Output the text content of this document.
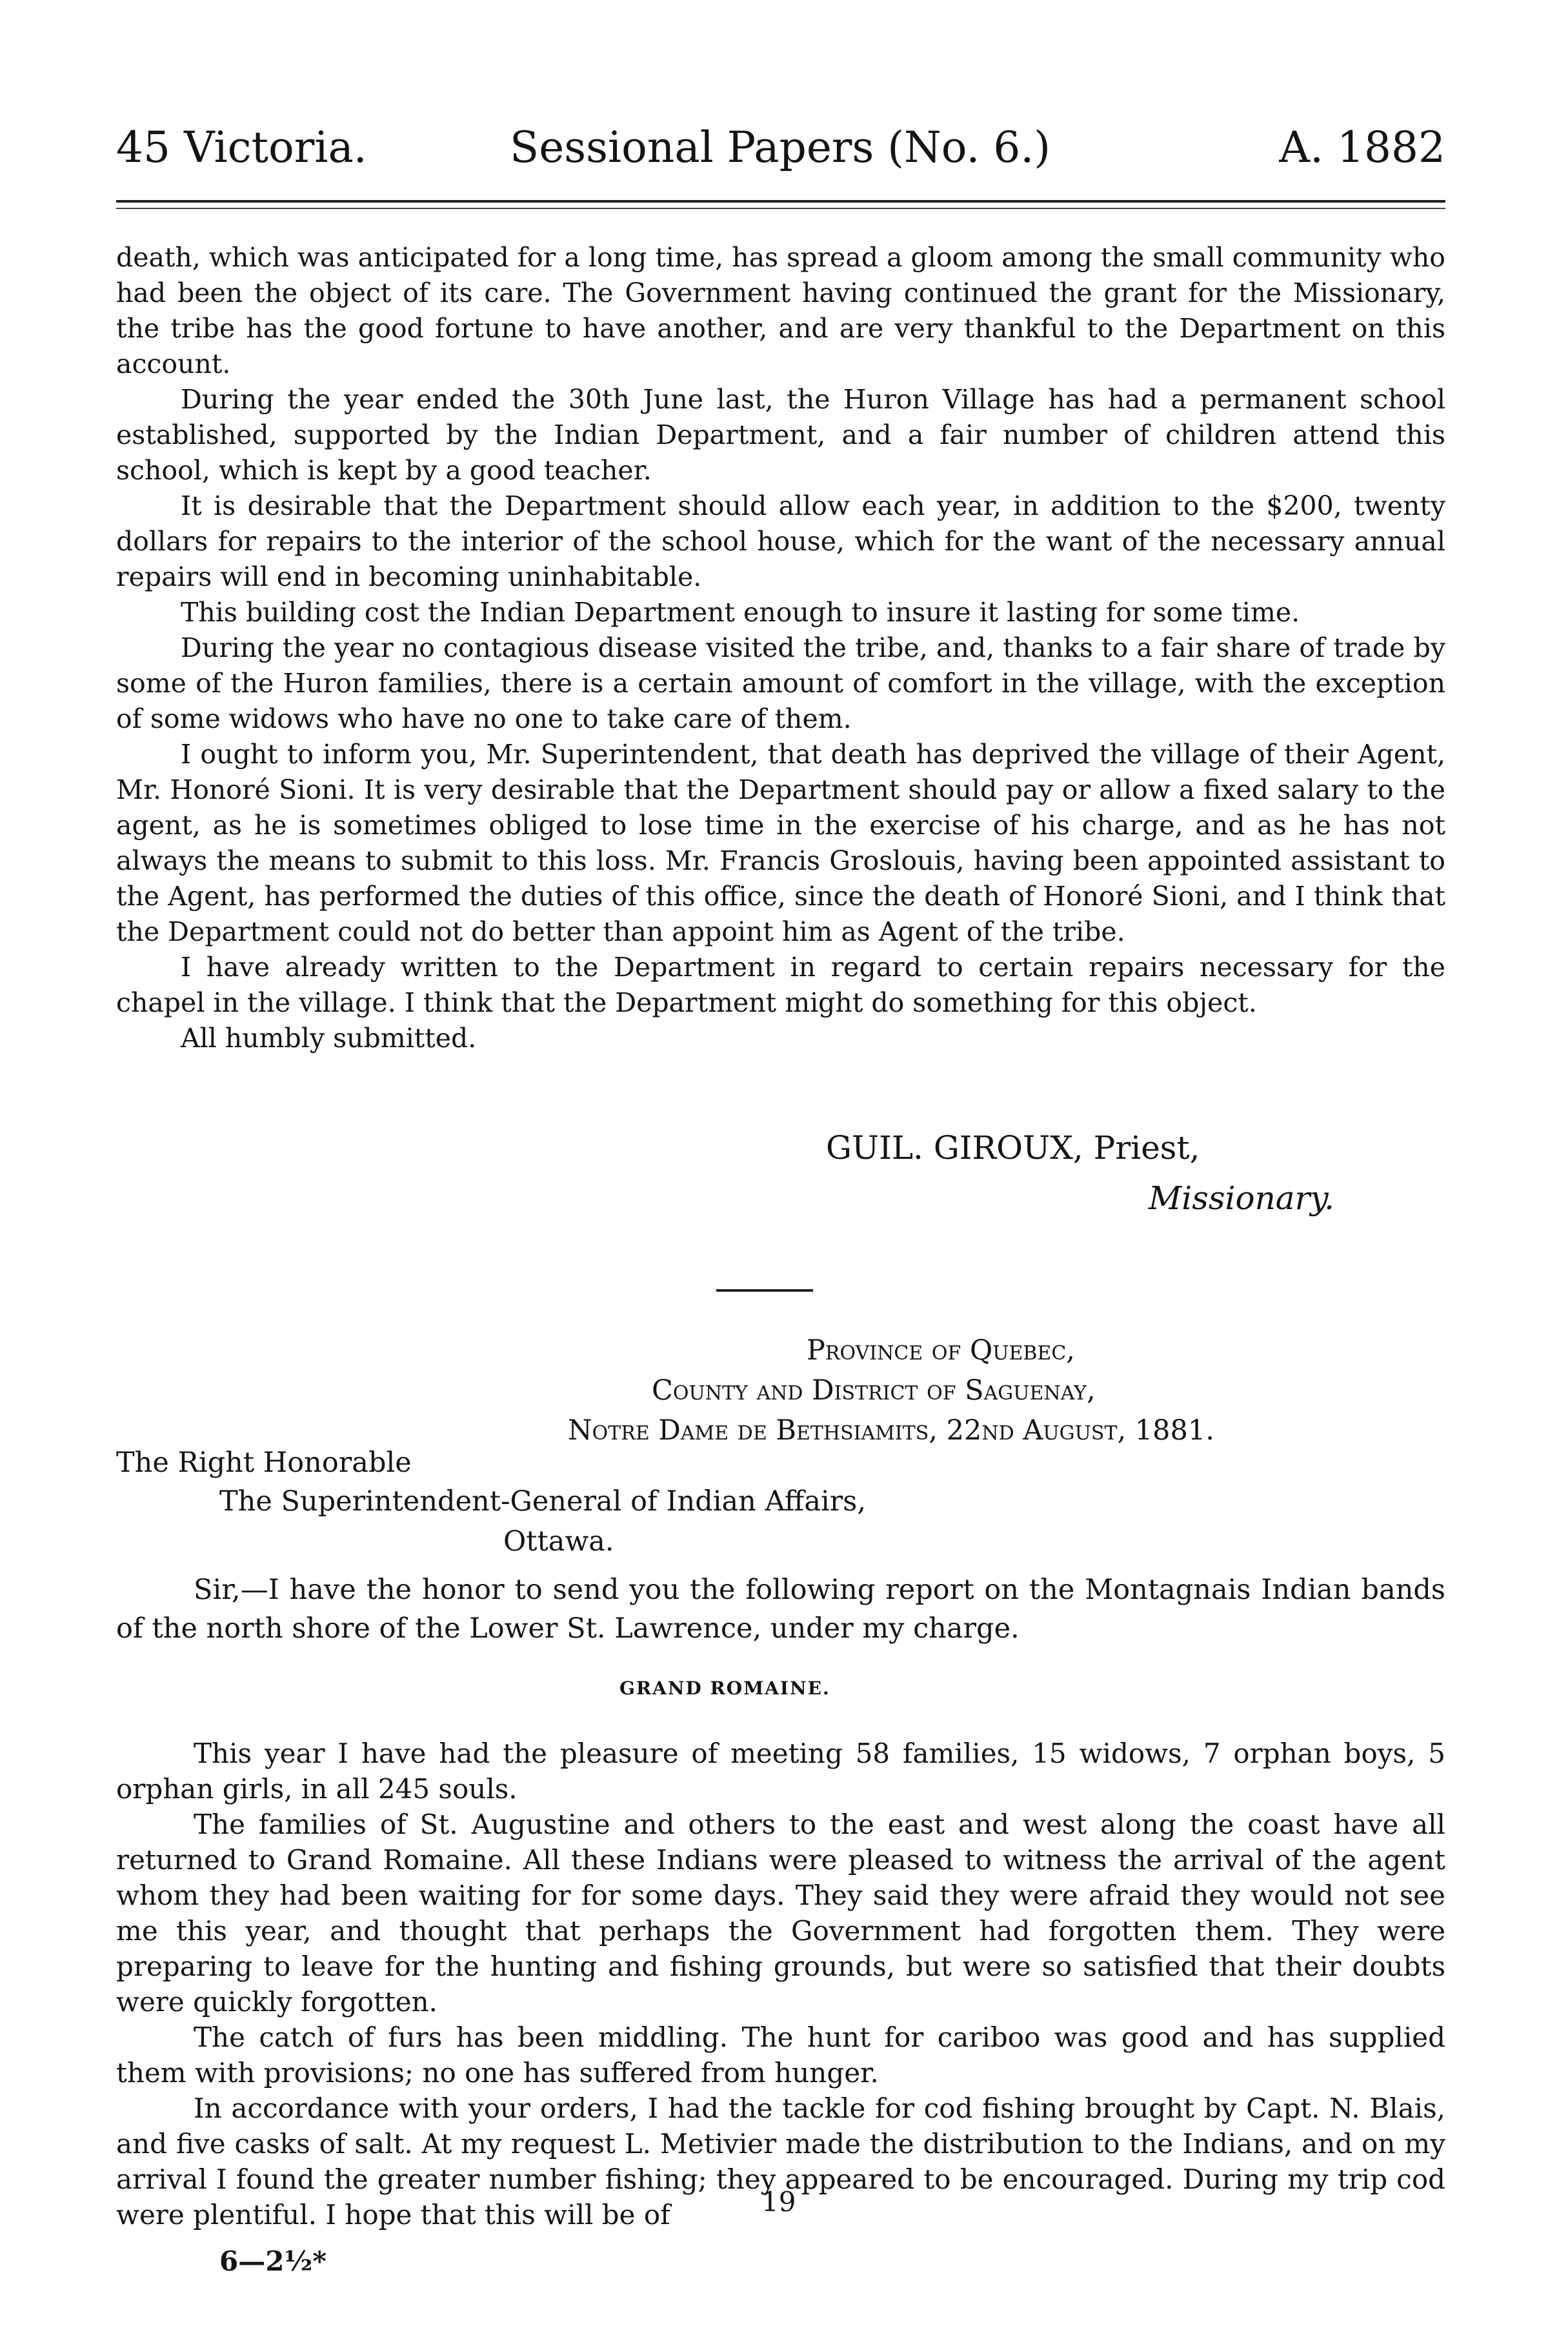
45 Victoria.	Sessional Papers (No. 6.)	A. 1882

death, which was anticipated for a long time, has spread a gloom among the small community who had been the object of its care. The Government having continued the grant for the Missionary, the tribe has the good fortune to have another, and are very thankful to the Department on this account.

During the year ended the 30th June last, the Huron Village has had a permanent school established, supported by the Indian Department, and a fair number of children attend this school, which is kept by a good teacher.

It is desirable that the Department should allow each year, in addition to the $200, twenty dollars for repairs to the interior of the school house, which for the want of the necessary annual repairs will end in becoming uninhabitable.

This building cost the Indian Department enough to insure it lasting for some time.

During the year no contagious disease visited the tribe, and, thanks to a fair share of trade by some of the Huron families, there is a certain amount of comfort in the village, with the exception of some widows who have no one to take care of them.

I ought to inform you, Mr. Superintendent, that death has deprived the village of their Agent, Mr. Honoré Sioni. It is very desirable that the Department should pay or allow a fixed salary to the agent, as he is sometimes obliged to lose time in the exercise of his charge, and as he has not always the means to submit to this loss. Mr. Francis Groslouis, having been appointed assistant to the Agent, has performed the duties of this office, since the death of Honoré Sioni, and I think that the Department could not do better than appoint him as Agent of the tribe.

I have already written to the Department in regard to certain repairs necessary for the chapel in the village. I think that the Department might do something for this object.

All humbly submitted.

GUIL. GIROUX, Priest,
Missionary.
Province of Quebec,
County and District of Saguenay,
Notre Dame de Bethsiamits, 22nd August, 1881.
The Right Honorable
The Superintendent-General of Indian Affairs,
Ottawa.

Sir,—I have the honor to send you the following report on the Montagnais Indian bands of the north shore of the Lower St. Lawrence, under my charge.

GRAND ROMAINE.

This year I have had the pleasure of meeting 58 families, 15 widows, 7 orphan boys, 5 orphan girls, in all 245 souls.

The families of St. Augustine and others to the east and west along the coast have all returned to Grand Romaine. All these Indians were pleased to witness the arrival of the agent whom they had been waiting for for some days. They said they were afraid they would not see me this year, and thought that perhaps the Government had forgotten them. They were preparing to leave for the hunting and fishing grounds, but were so satisfied that their doubts were quickly forgotten.

The catch of furs has been middling. The hunt for cariboo was good and has supplied them with provisions; no one has suffered from hunger.

In accordance with your orders, I had the tackle for cod fishing brought by Capt. N. Blais, and five casks of salt. At my request L. Metivier made the distribution to the Indians, and on my arrival I found the greater number fishing; they appeared to be encouraged. During my trip cod were plentiful. I hope that this will be of	19
6—2½*
